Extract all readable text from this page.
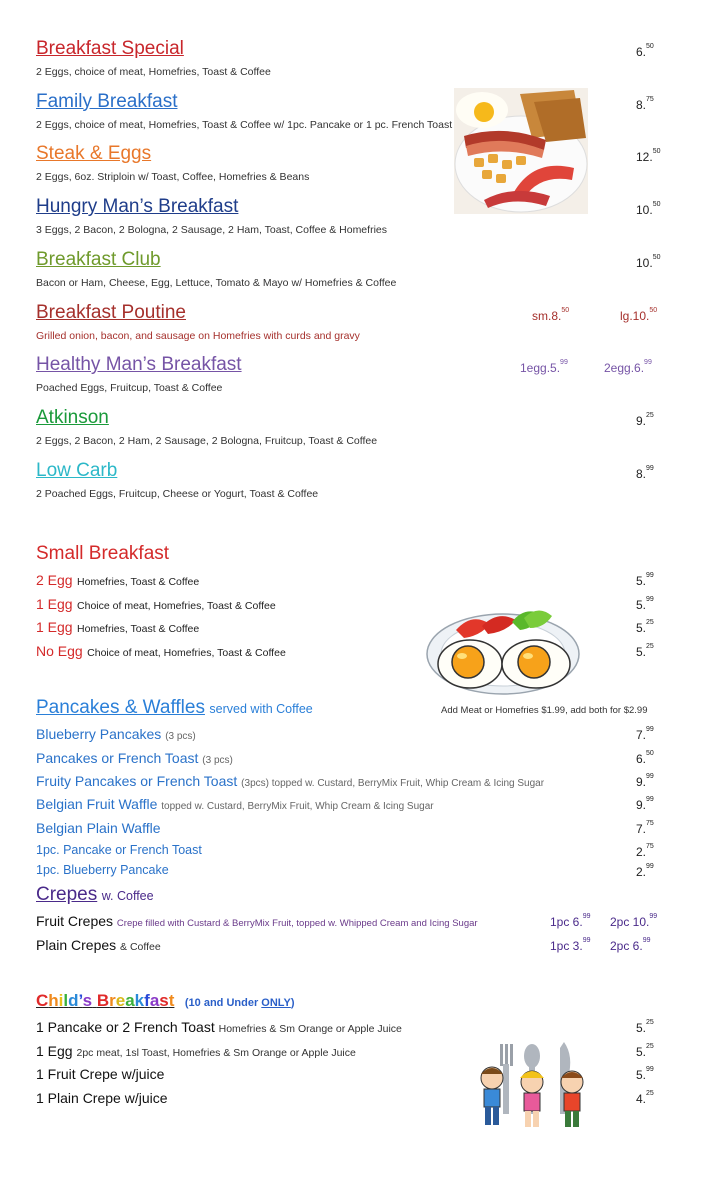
Breakfast Special
2 Eggs, choice of meat, Homefries, Toast & Coffee
6.50
Family Breakfast
2 Eggs, choice of meat, Homefries, Toast & Coffee w/ 1pc. Pancake or 1 pc. French Toast
8.75
Steak & Eggs
2 Eggs, 6oz. Striploin w/ Toast, Coffee, Homefries & Beans
12.50
Hungry Man’s Breakfast
3 Eggs, 2 Bacon, 2 Bologna, 2 Sausage, 2 Ham, Toast, Coffee & Homefries
10.50
Breakfast Club
Bacon or Ham, Cheese, Egg, Lettuce, Tomato & Mayo w/ Homefries & Coffee
10.50
Breakfast Poutine
Grilled onion, bacon, and sausage on Homefries with curds and gravy
sm.8.50	lg.10.50
Healthy Man’s Breakfast
Poached Eggs, Fruitcup, Toast & Coffee
1egg.5.99	2egg.6.99
Atkinson
2 Eggs, 2 Bacon, 2 Ham, 2 Sausage, 2 Bologna, Fruitcup, Toast & Coffee
9.25
Low Carb
2 Poached Eggs, Fruitcup, Cheese or Yogurt, Toast & Coffee
8.99
Small Breakfast
2 Egg Homefries, Toast & Coffee	5.99
1 Egg Choice of meat, Homefries, Toast & Coffee	5.99
1 Egg Homefries, Toast & Coffee	5.25
No Egg Choice of meat, Homefries, Toast & Coffee	5.25
Pancakes & Waffles served with Coffee	Add Meat or Homefries $1.99, add both for $2.99
Blueberry Pancakes (3 pcs)	7.99
Pancakes or French Toast (3 pcs)	6.50
Fruity Pancakes or French Toast (3pcs) topped w. Custard, BerryMix Fruit, Whip Cream & Icing Sugar	9.99
Belgian Fruit Waffle topped w. Custard, BerryMix Fruit, Whip Cream & Icing Sugar	9.99
Belgian Plain Waffle	7.75
1pc. Pancake or French Toast	2.75
1pc. Blueberry Pancake	2.99
Crepes w. Coffee
Fruit Crepes Crepe filled with Custard & BerryMix Fruit, topped w. Whipped Cream and Icing Sugar	1pc 6.99 2pc 10.99
Plain Crepes & Coffee	1pc 3.99 2pc 6.99
Child’s Breakfast (10 and Under ONLY)
1 Pancake or 2 French Toast Homefries & Sm Orange or Apple Juice	5.25
1 Egg 2pc meat, 1sl Toast, Homefries & Sm Orange or Apple Juice	5.25
1 Fruit Crepe w/juice	5.99
1 Plain Crepe w/juice	4.25
